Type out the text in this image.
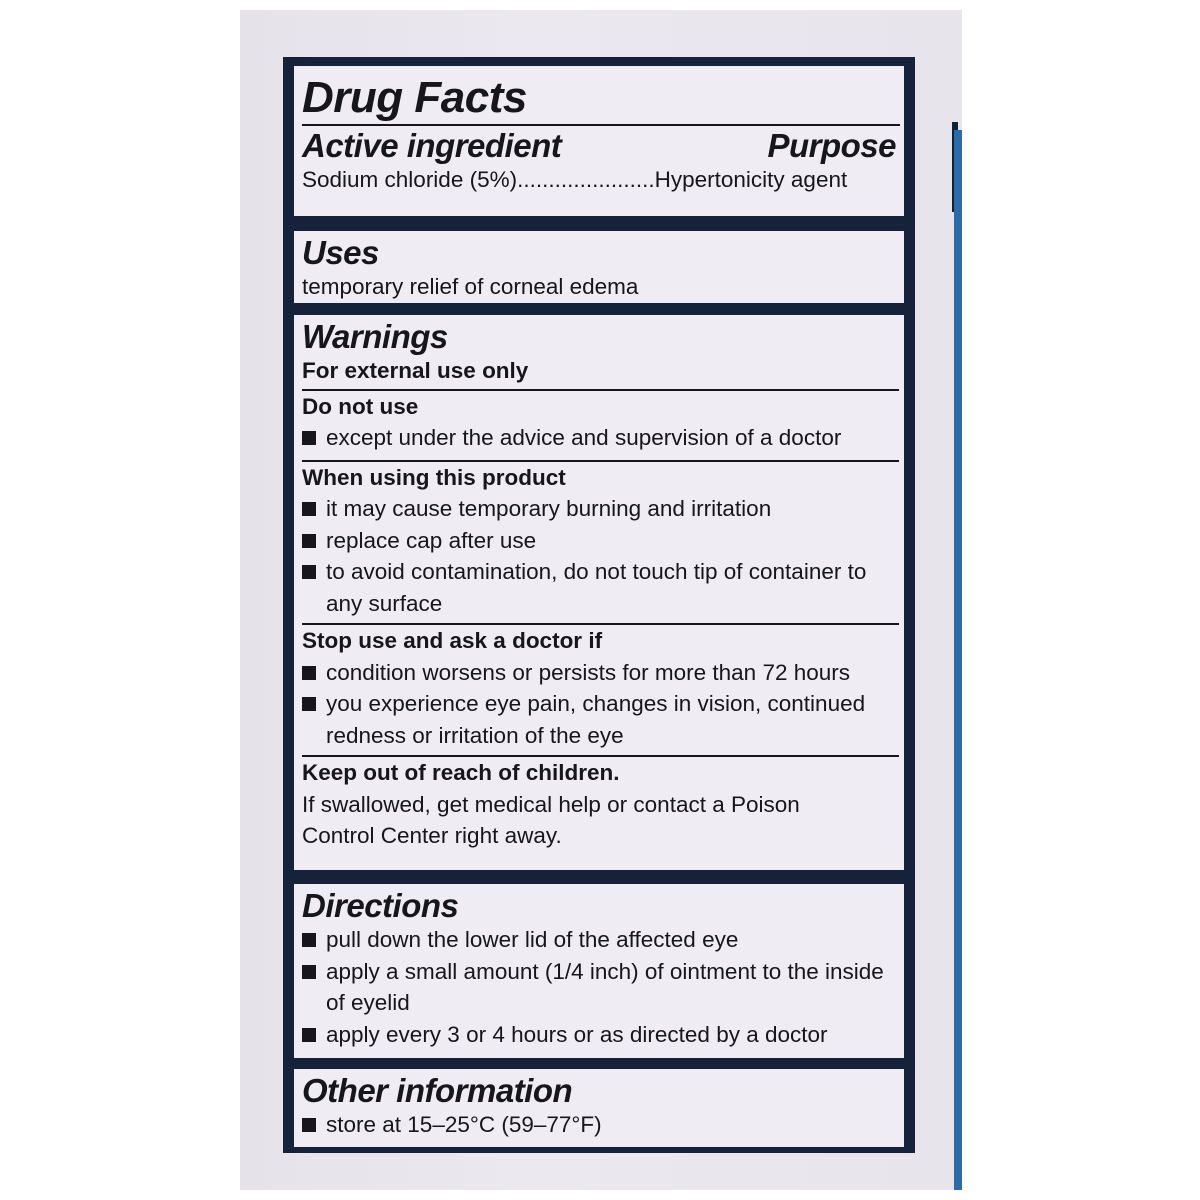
Drug Facts
Active ingredient	Purpose
Sodium chloride (5%)......................Hypertonicity agent
Uses
temporary relief of corneal edema
Warnings
For external use only
Do not use
except under the advice and supervision of a doctor
When using this product
it may cause temporary burning and irritation
replace cap after use
to avoid contamination, do not touch tip of container to any surface
Stop use and ask a doctor if
condition worsens or persists for more than 72 hours
you experience eye pain, changes in vision, continued redness or irritation of the eye
Keep out of reach of children.
If swallowed, get medical help or contact a Poison Control Center right away.
Directions
pull down the lower lid of the affected eye
apply a small amount (1/4 inch) of ointment to the inside of eyelid
apply every 3 or 4 hours or as directed by a doctor
Other information
store at 15–25°C (59–77°F)
